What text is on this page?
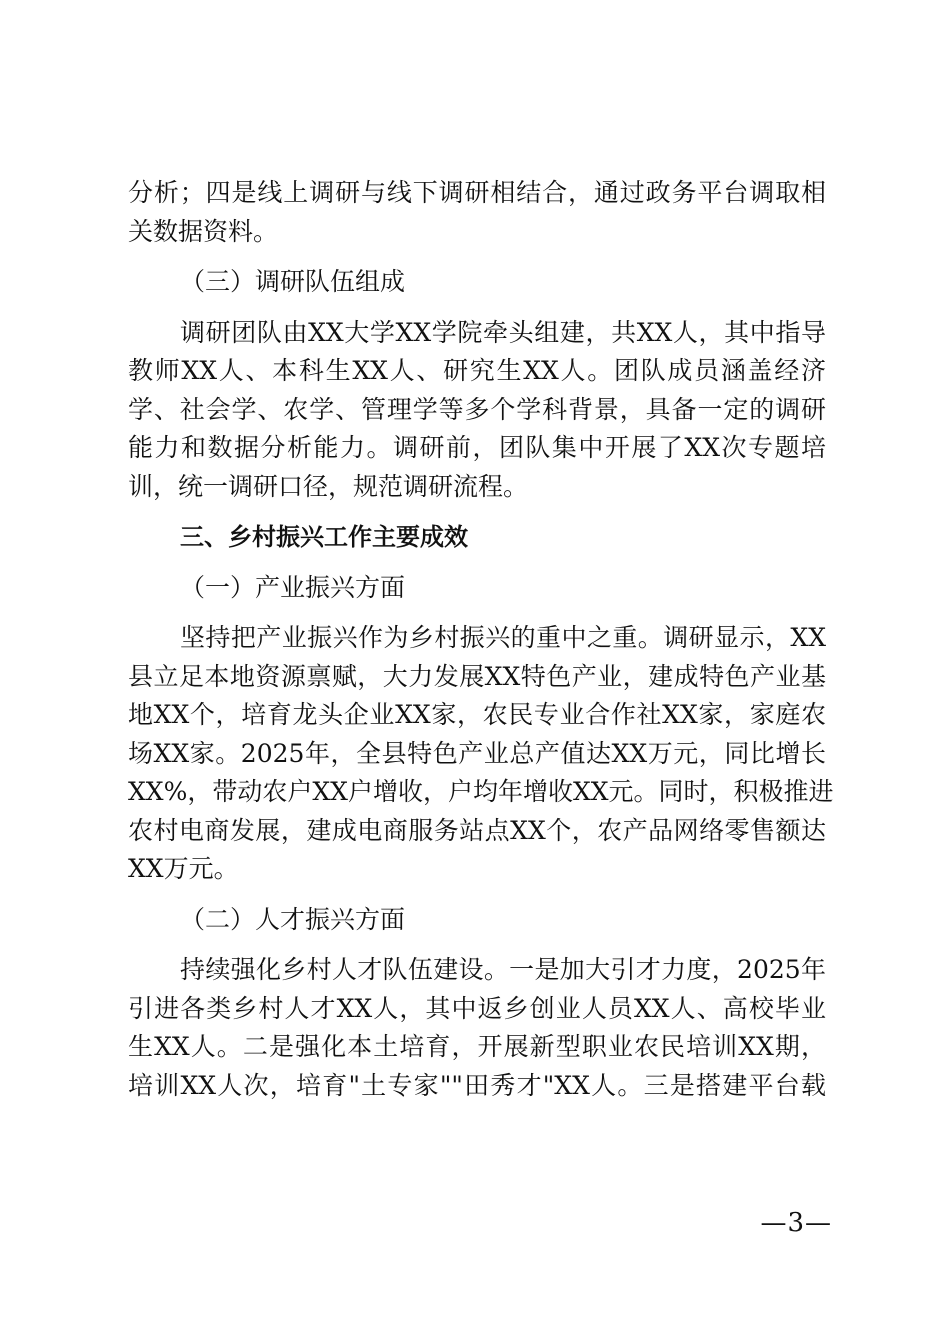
分析；四是线上调研与线下调研相结合，通过政务平台调取相
关数据资料。
（三）调研队伍组成
调研团队由XX大学XX学院牵头组建，共XX人，其中指导
教师XX人、本科生XX人、研究生XX人。团队成员涵盖经济
学、社会学、农学、管理学等多个学科背景，具备一定的调研
能力和数据分析能力。调研前，团队集中开展了XX次专题培
训，统一调研口径，规范调研流程。
三、乡村振兴工作主要成效
（一）产业振兴方面
坚持把产业振兴作为乡村振兴的重中之重。调研显示，XX
县立足本地资源禀赋，大力发展XX特色产业，建成特色产业基
地XX个，培育龙头企业XX家，农民专业合作社XX家，家庭农
场XX家。2025年，全县特色产业总产值达XX万元，同比增长
XX%，带动农户XX户增收，户均年增收XX元。同时，积极推进
农村电商发展，建成电商服务站点XX个，农产品网络零售额达
XX万元。
（二）人才振兴方面
持续强化乡村人才队伍建设。一是加大引才力度，2025年
引进各类乡村人才XX人，其中返乡创业人员XX人、高校毕业
生XX人。二是强化本土培育，开展新型职业农民培训XX期，
培训XX人次，培育"土专家""田秀才"XX人。三是搭建平台载
—3—
